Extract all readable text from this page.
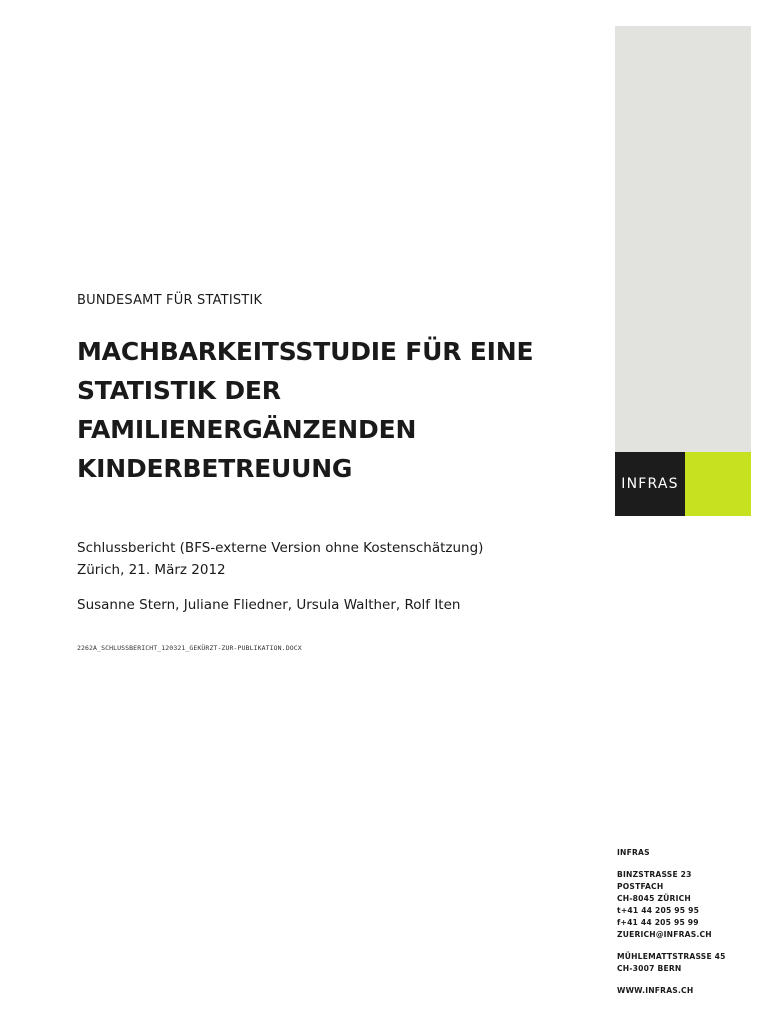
INFRAS
BUNDESAMT FÜR STATISTIK
MACHBARKEITSSTUDIE FÜR EINE
STATISTIK DER
FAMILIENERGÄNZENDEN
KINDERBETREUUNG
Schlussbericht (BFS-externe Version ohne Kostenschätzung)
Zürich, 21. März 2012
Susanne Stern, Juliane Fliedner, Ursula Walther, Rolf Iten
2262A_SCHLUSSBERICHT_120321_GEKÜRZT-ZUR-PUBLIKATION.DOCX
INFRAS
BINZSTRASSE 23
POSTFACH
CH-8045 ZÜRICH
t+41 44 205 95 95
f+41 44 205 95 99
ZUERICH@INFRAS.CH
MÜHLEMATTSTRASSE 45
CH-3007 BERN
WWW.INFRAS.CH
